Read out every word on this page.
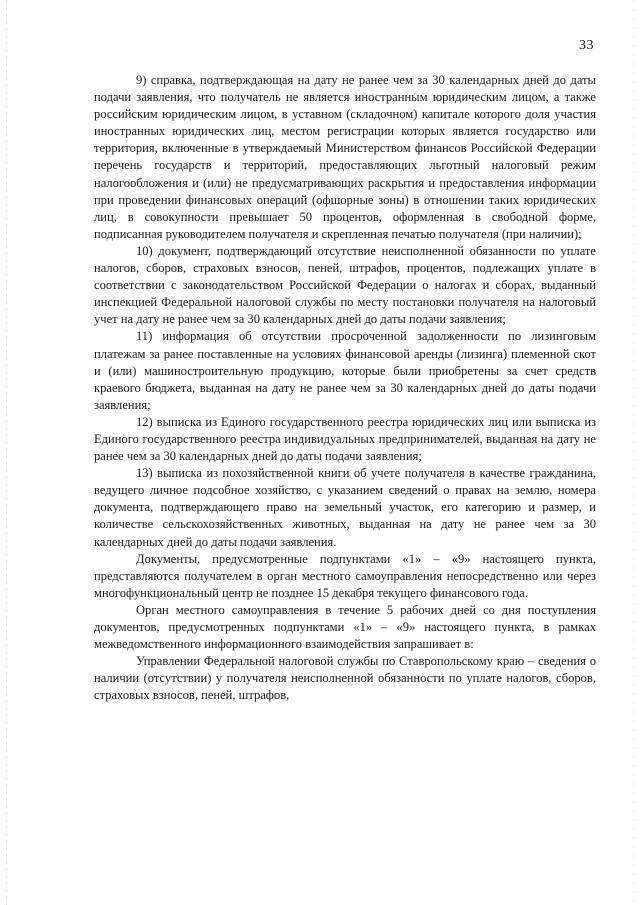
33

9) справка, подтверждающая на дату не ранее чем за 30 календарных дней до даты подачи заявления, что получатель не является иностранным юридическим лицом, а также российским юридическим лицом, в уставном (складочном) капитале которого доля участия иностранных юридических лиц, местом регистрации которых является государство или территория, включенные в утверждаемый Министерством финансов Российской Федерации перечень государств и территорий, предоставляющих льготный налоговый режим налогообложения и (или) не предусматривающих раскрытия и предоставления информации при проведении финансовых операций (офшорные зоны) в отношении таких юридических лиц, в совокупности превышает 50 процентов, оформленная в свободной форме, подписанная руководителем получателя и скрепленная печатью получателя (при наличии);

10) документ, подтверждающий отсутствие неисполненной обязанности по уплате налогов, сборов, страховых взносов, пеней, штрафов, процентов, подлежащих уплате в соответствии с законодательством Российской Федерации о налогах и сборах, выданный инспекцией Федеральной налоговой службы по месту постановки получателя на налоговый учет на дату не ранее чем за 30 календарных дней до даты подачи заявления;

11) информация об отсутствии просроченной задолженности по лизинговым платежам за ранее поставленные на условиях финансовой аренды (лизинга) племенной скот и (или) машиностроительную продукцию, которые были приобретены за счет средств краевого бюджета, выданная на дату не ранее чем за 30 календарных дней до даты подачи заявления;

12) выписка из Единого государственного реестра юридических лиц или выписка из Единого государственного реестра индивидуальных предпринимателей, выданная на дату не ранее чем за 30 календарных дней до даты подачи заявления;

13) выписка из похозяйственной книги об учете получателя в качестве гражданина, ведущего личное подсобное хозяйство, с указанием сведений о правах на землю, номера документа, подтверждающего право на земельный участок, его категорию и размер, и количестве сельскохозяйственных животных, выданная на дату не ранее чем за 30 календарных дней до даты подачи заявления.

Документы, предусмотренные подпунктами «1» – «9» настоящего пункта, представляются получателем в орган местного самоуправления непосредственно или через многофункциональный центр не позднее 15 декабря текущего финансового года.

Орган местного самоуправления в течение 5 рабочих дней со дня поступления документов, предусмотренных подпунктами «1» – «9» настоящего пункта, в рамках межведомственного информационного взаимодействия запрашивает в:

Управлении Федеральной налоговой службы по Ставропольскому краю – сведения о наличии (отсутствии) у получателя неисполненной обязанности по уплате налогов, сборов, страховых взносов, пеней, штрафов,
